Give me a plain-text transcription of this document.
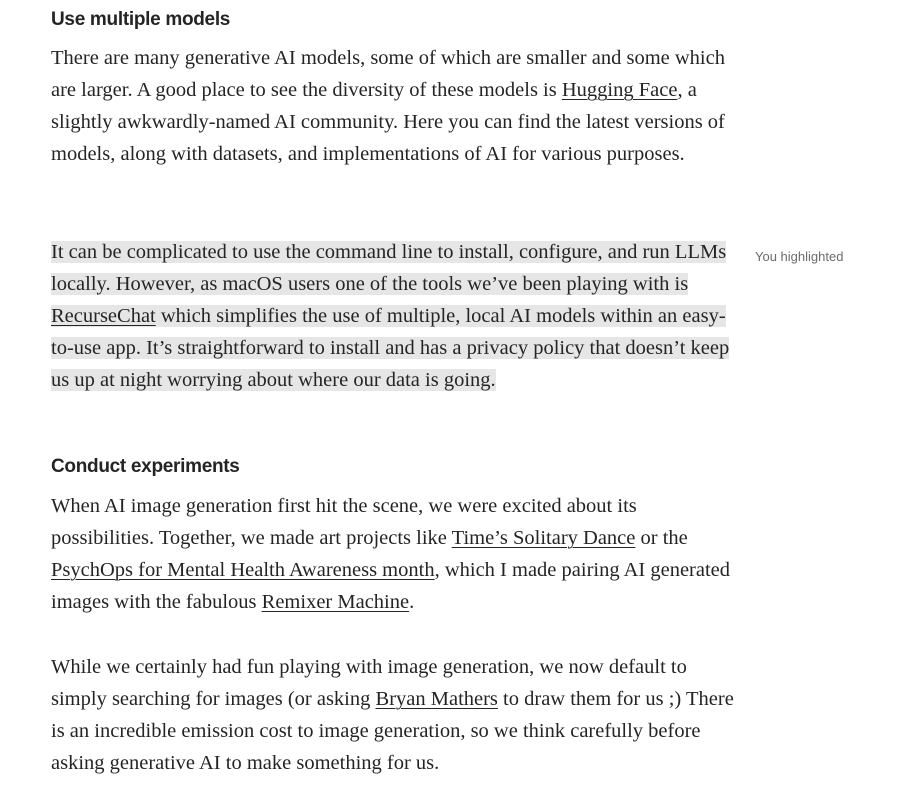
Use multiple models

There are many generative AI models, some of which are smaller and some which are larger. A good place to see the diversity of these models is Hugging Face, a slightly awkwardly-named AI community. Here you can find the latest versions of models, along with datasets, and implementations of AI for various purposes.

It can be complicated to use the command line to install, configure, and run LLMs locally. However, as macOS users one of the tools we’ve been playing with is RecurseChat which simplifies the use of multiple, local AI models within an easy-to-use app. It’s straightforward to install and has a privacy policy that doesn’t keep us up at night worrying about where our data is going.

Conduct experiments

When AI image generation first hit the scene, we were excited about its possibilities. Together, we made art projects like Time’s Solitary Dance or the PsychOps for Mental Health Awareness month, which I made pairing AI generated images with the fabulous Remixer Machine.

While we certainly had fun playing with image generation, we now default to simply searching for images (or asking Bryan Mathers to draw them for us ;) There is an incredible emission cost to image generation, so we think carefully before asking generative AI to make something for us.

You highlighted
